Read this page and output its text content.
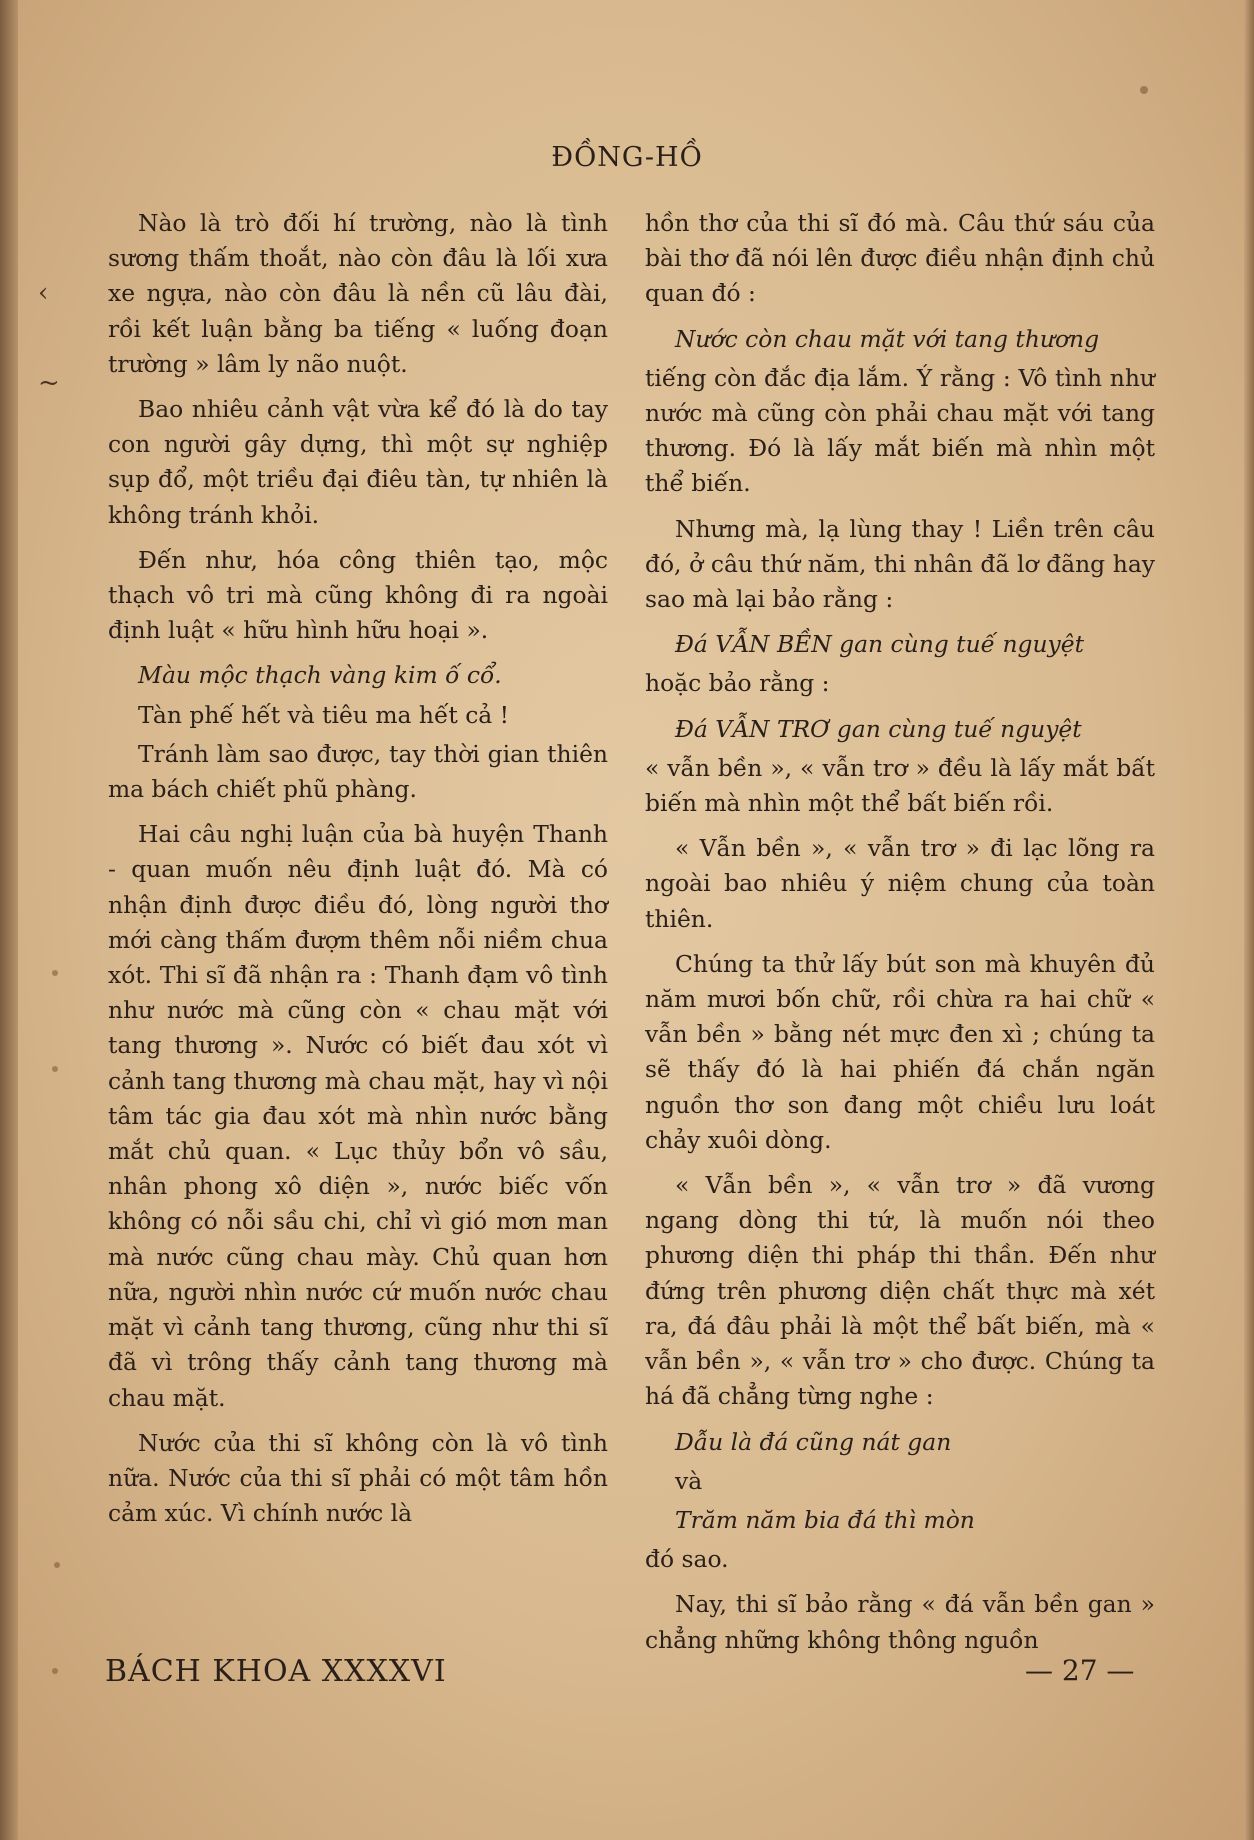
‹
~
ĐỒNG-HỒ

Nào là trò đối hí trường, nào là tình sương thấm thoắt, nào còn đâu là lối xưa xe ngựa, nào còn đâu là nền cũ lâu đài, rồi kết luận bằng ba tiếng « luống đoạn trường » lâm ly não nuột.

Bao nhiêu cảnh vật vừa kể đó là do tay con người gây dựng, thì một sự nghiệp sụp đổ, một triều đại điêu tàn, tự nhiên là không tránh khỏi.

Đến như, hóa công thiên tạo, mộc thạch vô tri mà cũng không đi ra ngoài định luật « hữu hình hữu hoại ».

Màu mộc thạch vàng kim ố cổ.

Tàn phế hết và tiêu ma hết cả !

Tránh làm sao được, tay thời gian thiên ma bách chiết phũ phàng.

Hai câu nghị luận của bà huyện Thanh - quan muốn nêu định luật đó. Mà có nhận định được điều đó, lòng người thơ mới càng thấm đượm thêm nỗi niềm chua xót. Thi sĩ đã nhận ra : Thanh đạm vô tình như nước mà cũng còn « chau mặt với tang thương ». Nước có biết đau xót vì cảnh tang thương mà chau mặt, hay vì nội tâm tác gia đau xót mà nhìn nước bằng mắt chủ quan. « Lục thủy bổn vô sầu, nhân phong xô diện », nước biếc vốn không có nỗi sầu chi, chỉ vì gió mơn man mà nước cũng chau mày. Chủ quan hơn nữa, người nhìn nước cứ muốn nước chau mặt vì cảnh tang thương, cũng như thi sĩ đã vì trông thấy cảnh tang thương mà chau mặt.

Nước của thi sĩ không còn là vô tình nữa. Nước của thi sĩ phải có một tâm hồn cảm xúc. Vì chính nước là

hồn thơ của thi sĩ đó mà. Câu thứ sáu của bài thơ đã nói lên được điều nhận định chủ quan đó :

Nước còn chau mặt với tang thương

tiếng còn đắc địa lắm. Ý rằng : Vô tình như nước mà cũng còn phải chau mặt với tang thương. Đó là lấy mắt biến mà nhìn một thể biến.

Nhưng mà, lạ lùng thay ! Liền trên câu đó, ở câu thứ năm, thi nhân đã lơ đãng hay sao mà lại bảo rằng :

Đá VẪN BỀN gan cùng tuế nguyệt

hoặc bảo rằng :

Đá VẪN TRƠ gan cùng tuế nguyệt

« vẫn bền », « vẫn trơ » đều là lấy mắt bất biến mà nhìn một thể bất biến rồi.

« Vẫn bền », « vẫn trơ » đi lạc lõng ra ngoài bao nhiêu ý niệm chung của toàn thiên.

Chúng ta thử lấy bút son mà khuyên đủ năm mươi bốn chữ, rồi chừa ra hai chữ « vẫn bền » bằng nét mực đen xì ; chúng ta sẽ thấy đó là hai phiến đá chắn ngăn nguồn thơ son đang một chiều lưu loát chảy xuôi dòng.

« Vẫn bền », « vẫn trơ » đã vương ngang dòng thi tứ, là muốn nói theo phương diện thi pháp thi thần. Đến như đứng trên phương diện chất thực mà xét ra, đá đâu phải là một thể bất biến, mà « vẫn bền », « vẫn trơ » cho được. Chúng ta há đã chẳng từng nghe :

Dẫu là đá cũng nát gan

và

Trăm năm bia đá thì mòn

đó sao.

Nay, thi sĩ bảo rằng « đá vẫn bền gan » chẳng những không thông nguồn

BÁCH KHOA XXXXVI	— 27 —
